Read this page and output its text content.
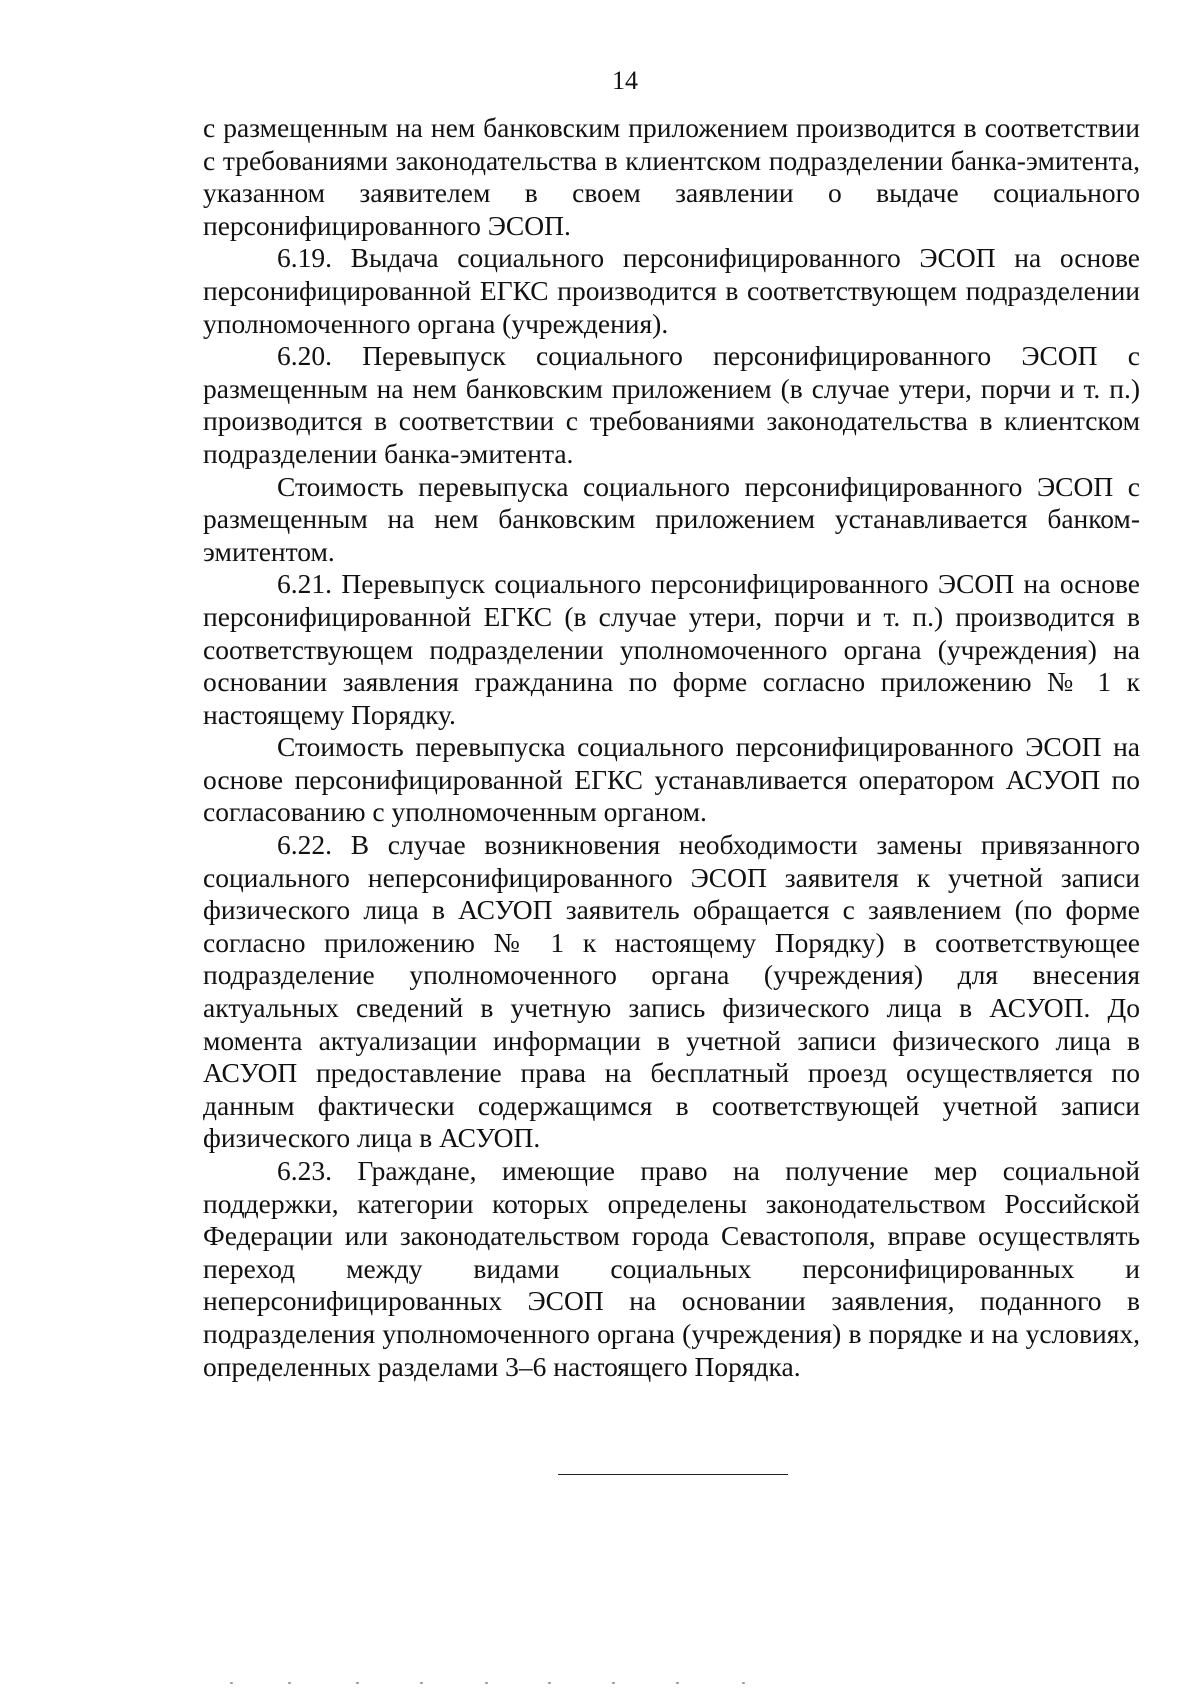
14

с размещенным на нем банковским приложением производится в соответствии с требованиями законодательства в клиентском подразделении банка-эмитента, указанном заявителем в своем заявлении о выдаче социального персонифицированного ЭСОП.

6.19. Выдача социального персонифицированного ЭСОП на основе персонифицированной ЕГКС производится в соответствующем подразделении уполномоченного органа (учреждения).

6.20. Перевыпуск социального персонифицированного ЭСОП с размещенным на нем банковским приложением (в случае утери, порчи и т. п.) производится в соответствии с требованиями законодательства в клиентском подразделении банка-эмитента.

Стоимость перевыпуска социального персонифицированного ЭСОП с размещенным на нем банковским приложением устанавливается банком-эмитентом.

6.21. Перевыпуск социального персонифицированного ЭСОП на основе персонифицированной ЕГКС (в случае утери, порчи и т. п.) производится в соответствующем подразделении уполномоченного органа (учреждения) на основании заявления гражданина по форме согласно приложению № 1 к настоящему Порядку.

Стоимость перевыпуска социального персонифицированного ЭСОП на основе персонифицированной ЕГКС устанавливается оператором АСУОП по согласованию с уполномоченным органом.

6.22. В случае возникновения необходимости замены привязанного социального неперсонифицированного ЭСОП заявителя к учетной записи физического лица в АСУОП заявитель обращается с заявлением (по форме согласно приложению № 1 к настоящему Порядку) в соответствующее подразделение уполномоченного органа (учреждения) для внесения актуальных сведений в учетную запись физического лица в АСУОП. До момента актуализации информации в учетной записи физического лица в АСУОП предоставление права на бесплатный проезд осуществляется по данным фактически содержащимся в соответствующей учетной записи физического лица в АСУОП.

6.23. Граждане, имеющие право на получение мер социальной поддержки, категории которых определены законодательством Российской Федерации или законодательством города Севастополя, вправе осуществлять переход между видами социальных персонифицированных и неперсонифицированных ЭСОП на основании заявления, поданного в подразделения уполномоченного органа (учреждения) в порядке и на условиях, определенных разделами 3–6 настоящего Порядка.
